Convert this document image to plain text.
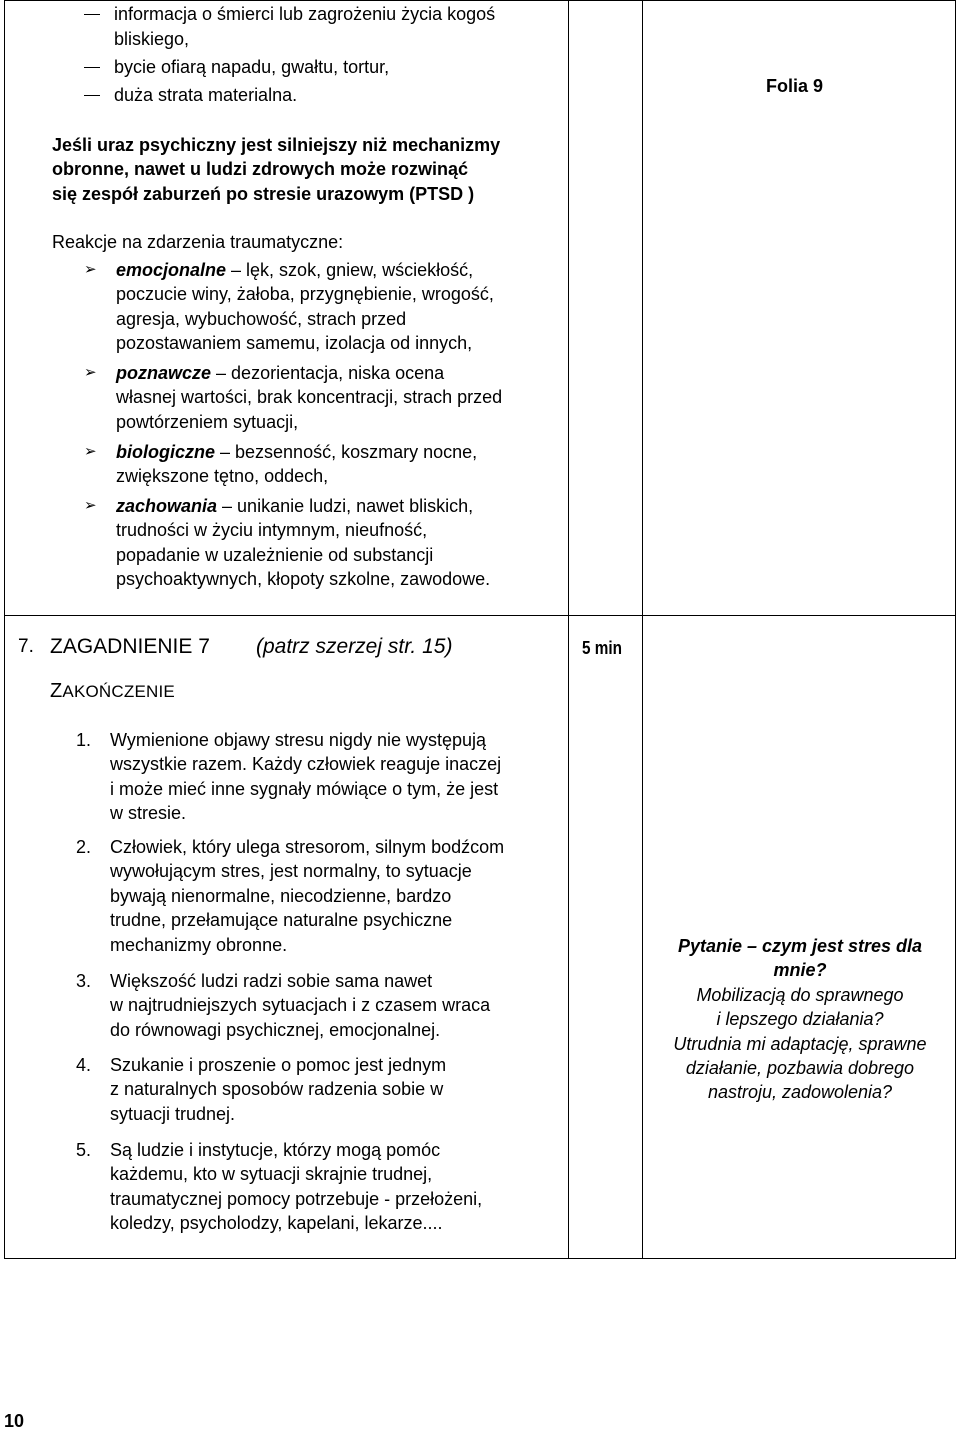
informacja o śmierci lub zagrożeniu życia kogoś
bliskiego,
bycie ofiarą napadu, gwałtu, tortur,
duża strata materialna.	Folia 9
Jeśli uraz psychiczny jest silniejszy niż mechanizmy
obronne, nawet u ludzi zdrowych może rozwinąć
się zespół zaburzeń po stresie urazowym (PTSD )
Reakcje na zdarzenia traumatyczne:
➢ emocjonalne – lęk, szok, gniew, wściekłość,
poczucie winy, żałoba, przygnębienie, wrogość,
agresja, wybuchowość, strach przed
pozostawaniem samemu, izolacja od innych,
➢ poznawcze – dezorientacja, niska ocena
własnej wartości, brak koncentracji, strach przed
powtórzeniem sytuacji,
➢ biologiczne – bezsenność, koszmary nocne,
zwiększone tętno, oddech,
➢ zachowania – unikanie ludzi, nawet bliskich,
trudności w życiu intymnym, nieufność,
popadanie w uzależnienie od substancji
psychoaktywnych, kłopoty szkolne, zawodowe.
7. ZAGADNIENIE 7 (patrz szerzej str. 15)	5 min
ZAKOŃCZENIE
1. Wymienione objawy stresu nigdy nie występują
wszystkie razem. Każdy człowiek reaguje inaczej
i może mieć inne sygnały mówiące o tym, że jest
w stresie.
2. Człowiek, który ulega stresorom, silnym bodźcom
wywołującym stres, jest normalny, to sytuacje
bywają nienormalne, niecodzienne, bardzo
trudne, przełamujące naturalne psychiczne
mechanizmy obronne.
3. Większość ludzi radzi sobie sama nawet
w najtrudniejszych sytuacjach i z czasem wraca
do równowagi psychicznej, emocjonalnej.
4. Szukanie i proszenie o pomoc jest jednym
z naturalnych sposobów radzenia sobie w
sytuacji trudnej.
5. Są ludzie i instytucje, którzy mogą pomóc
każdemu, kto w sytuacji skrajnie trudnej,
traumatycznej pomocy potrzebuje - przełożeni,
koledzy, psycholodzy, kapelani, lekarze....
Pytanie – czym jest stres dla
mnie?
Mobilizacją do sprawnego
i lepszego działania?
Utrudnia mi adaptację, sprawne
działanie, pozbawia dobrego
nastroju, zadowolenia?
10
